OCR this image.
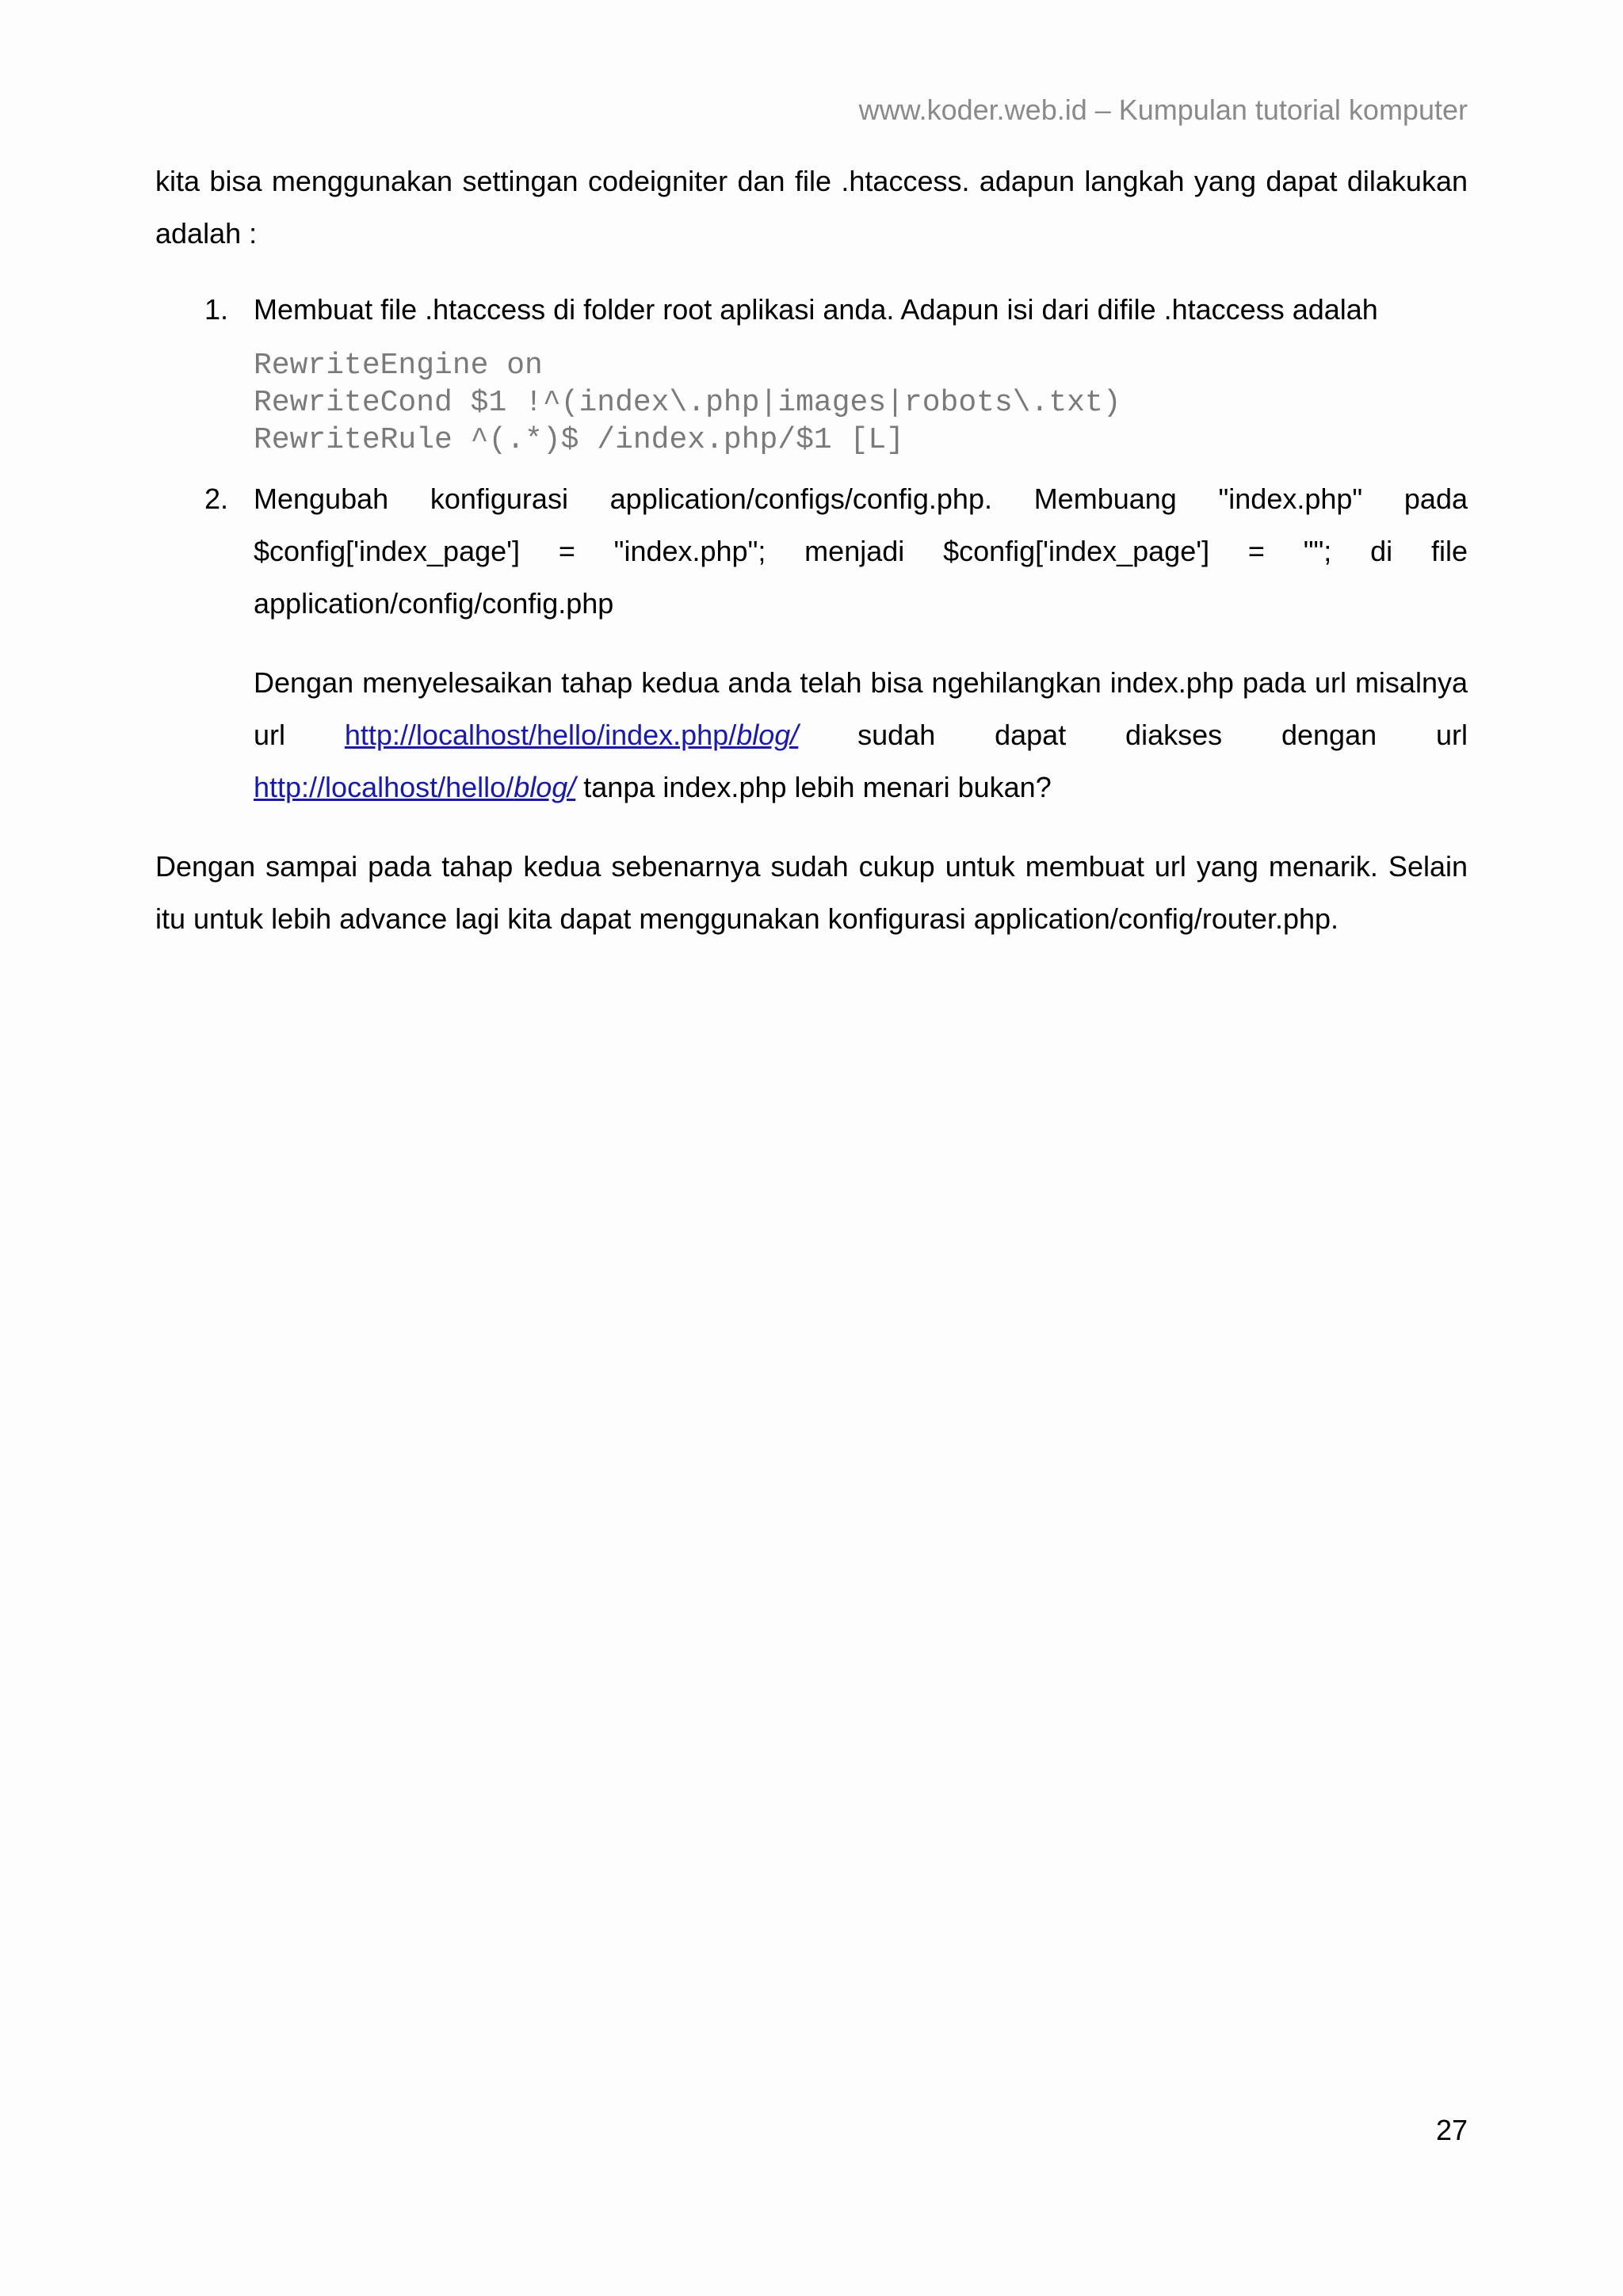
www.koder.web.id – Kumpulan tutorial komputer

kita bisa menggunakan settingan codeigniter dan file .htaccess. adapun langkah yang dapat dilakukan adalah :

1. Membuat file .htaccess di folder root aplikasi anda. Adapun isi dari difile .htaccess adalah

RewriteEngine on
RewriteCond $1 !^(index\.php|images|robots\.txt)
RewriteRule ^(.*)$ /index.php/$1 [L]
2. Mengubah konfigurasi application/configs/config.php. Membuang "index.php" pada $config['index_page'] = "index.php"; menjadi $config['index_page'] = ""; di file application/config/config.php

Dengan menyelesaikan tahap kedua anda telah bisa ngehilangkan index.php pada url misalnya url http://localhost/hello/index.php/blog/ sudah dapat diakses dengan url http://localhost/hello/blog/ tanpa index.php lebih menari bukan?

Dengan sampai pada tahap kedua sebenarnya sudah cukup untuk membuat url yang menarik. Selain itu untuk lebih advance lagi kita dapat menggunakan konfigurasi application/config/router.php.

27
